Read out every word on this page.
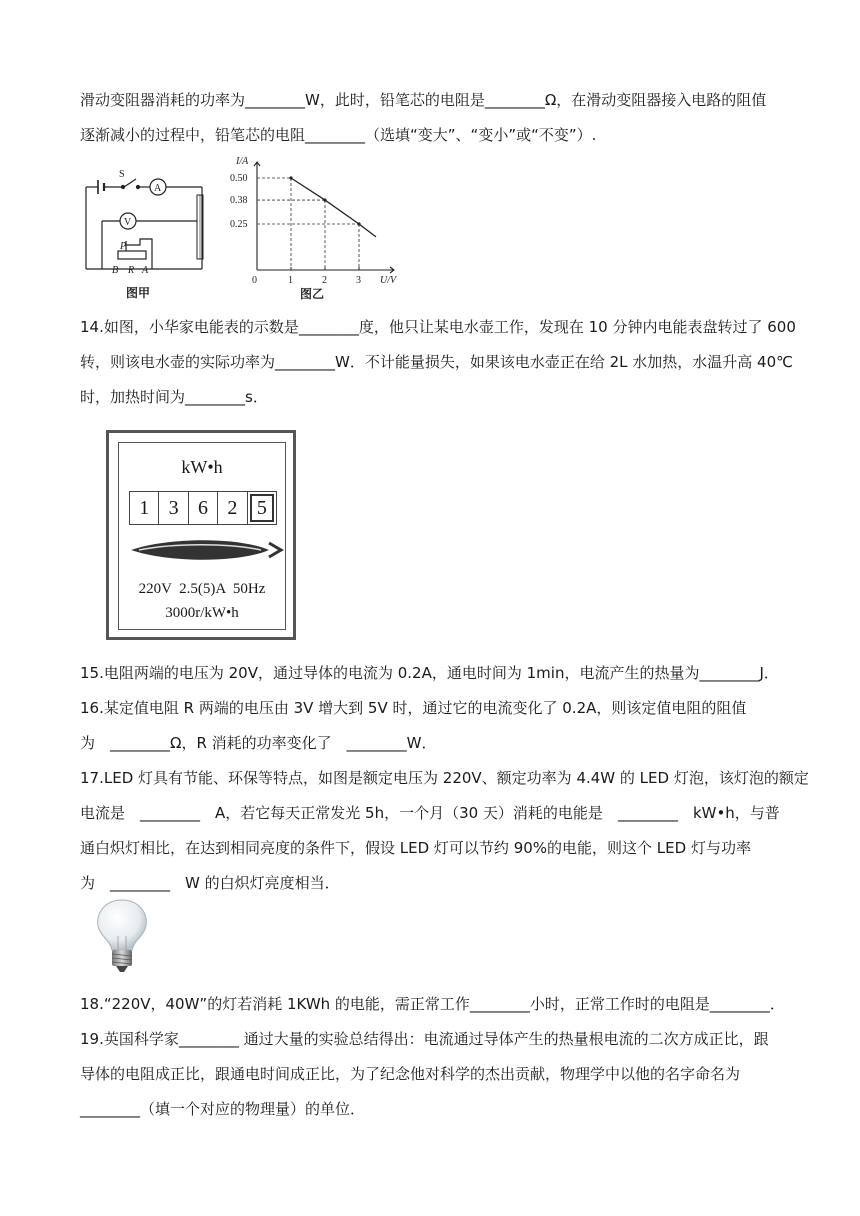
滑动变阻器消耗的功率为________W，此时，铅笔芯的电阻是________Ω，在滑动变阻器接入电路的阻值
逐渐减小的过程中，铅笔芯的电阻________（选填“变大”、“变小”或“不变”）.
S
A
V
P
B R A
图甲
1	2	3
0.50
0.38
0.25
I/A
U/V
0
图乙
14.如图，小华家电能表的示数是________度，他只让某电水壶工作，发现在 10 分钟内电能表盘转过了 600
转，则该电水壶的实际功率为________W．不计能量损失，如果该电水壶正在给 2L 水加热，水温升高 40℃
时，加热时间为________s．
kW•h
1 3 6 2 5
220V  2.5(5)A  50Hz
3000r/kW•h
15.电阻两端的电压为 20V，通过导体的电流为 0.2A，通电时间为 1min，电流产生的热量为________J．
16.某定值电阻 R 两端的电压由 3V 增大到 5V 时，通过它的电流变化了 0.2A，则该定值电阻的阻值
为　________Ω，R 消耗的功率变化了　________W．
17.LED 灯具有节能、环保等特点，如图是额定电压为 220V、额定功率为 4.4W 的 LED 灯泡，该灯泡的额定
电流是　________　A，若它每天正常发光 5h，一个月（30 天）消耗的电能是　________　kW•h，与普
通白炽灯相比，在达到相同亮度的条件下，假设 LED 灯可以节约 90%的电能，则这个 LED 灯与功率
为　________　W 的白炽灯亮度相当．
18.“220V，40W”的灯若消耗 1KWh 的电能，需正常工作________小时，正常工作时的电阻是________．
19.英国科学家________ 通过大量的实验总结得出：电流通过导体产生的热量根电流的二次方成正比，跟
导体的电阻成正比，跟通电时间成正比，为了纪念他对科学的杰出贡献，物理学中以他的名字命名为
________（填一个对应的物理量）的单位．
